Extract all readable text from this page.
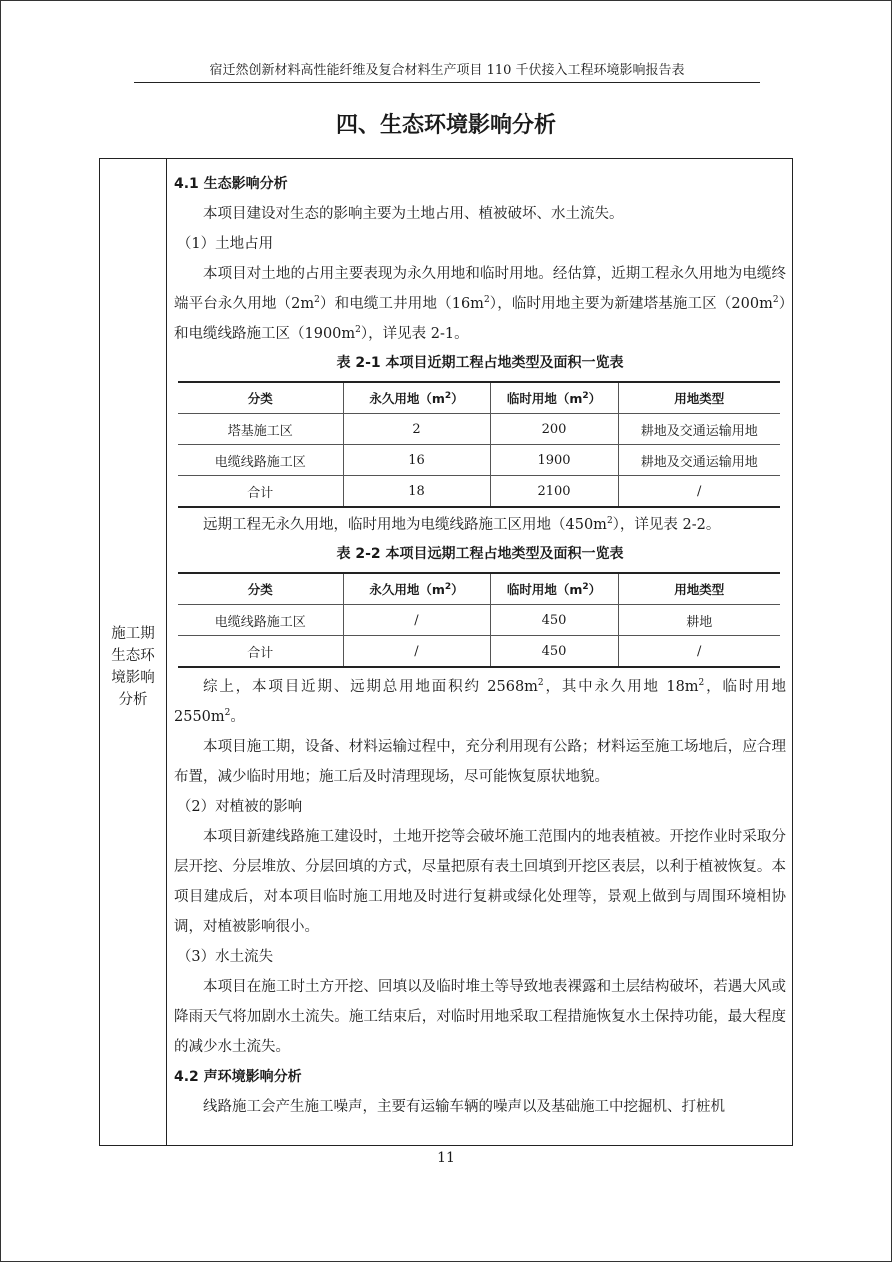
宿迁然创新材料高性能纤维及复合材料生产项目 110 千伏接入工程环境影响报告表
四、生态环境影响分析
施工期
生态环
境影响
分析
4.1 生态影响分析

本项目建设对生态的影响主要为土地占用、植被破坏、水土流失。

（1）土地占用

本项目对土地的占用主要表现为永久用地和临时用地。经估算，近期工程永久用地为电缆终端平台永久用地$(2m^2)$和电缆工井用地$(16m^2)$，临时用地主要为新建塔基施工区$(200m^2)$和电缆线路施工区$(1900m^2)$，详见表 2-1。

表 2-1 本项目近期工程占地类型及面积一览表
分类	永久用地$(m^2)$	临时用地$(m^2)$	用地类型
塔基施工区	2	200	耕地及交通运输用地
电缆线路施工区	16	1900	耕地及交通运输用地
合计	18	2100	/

远期工程无永久用地，临时用地为电缆线路施工区用地$(450m^2)$，详见表 2-2。

表 2-2 本项目远期工程占地类型及面积一览表
分类	永久用地$(m^2)$	临时用地$(m^2)$	用地类型
电缆线路施工区	/	450	耕地
合计	/	450	/

综上，本项目近期、远期总用地面积约 $2568m^2$，其中永久用地 $18m^2$，临时用地 $2550m^2$。

本项目施工期，设备、材料运输过程中，充分利用现有公路；材料运至施工场地后，应合理布置，减少临时用地；施工后及时清理现场，尽可能恢复原状地貌。

（2）对植被的影响

本项目新建线路施工建设时，土地开挖等会破坏施工范围内的地表植被。开挖作业时采取分层开挖、分层堆放、分层回填的方式，尽量把原有表土回填到开挖区表层，以利于植被恢复。本项目建成后，对本项目临时施工用地及时进行复耕或绿化处理等，景观上做到与周围环境相协调，对植被影响很小。

（3）水土流失

本项目在施工时土方开挖、回填以及临时堆土等导致地表裸露和土层结构破坏，若遇大风或降雨天气将加剧水土流失。施工结束后，对临时用地采取工程措施恢复水土保持功能，最大程度的减少水土流失。

4.2 声环境影响分析

线路施工会产生施工噪声，主要有运输车辆的噪声以及基础施工中挖掘机、打桩机

11
